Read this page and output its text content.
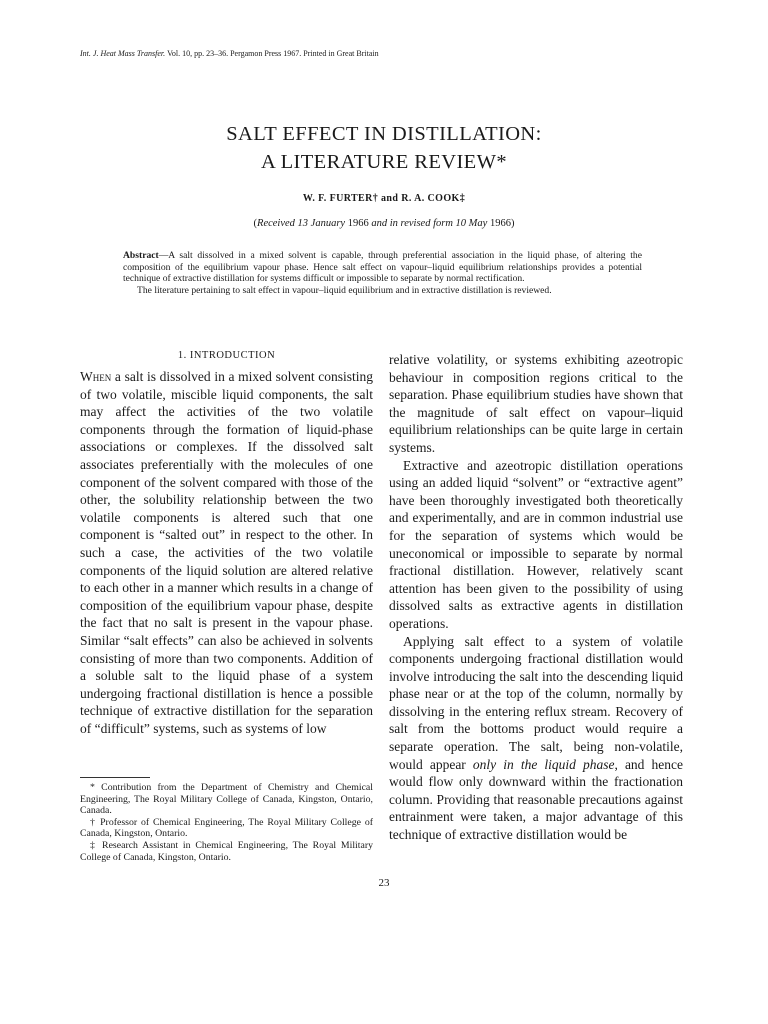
Int. J. Heat Mass Transfer. Vol. 10, pp. 23–36. Pergamon Press 1967. Printed in Great Britain
SALT EFFECT IN DISTILLATION:
A LITERATURE REVIEW*
W. F. FURTER† and R. A. COOK‡
(Received 13 January 1966 and in revised form 10 May 1966)

Abstract—A salt dissolved in a mixed solvent is capable, through preferential association in the liquid phase, of altering the composition of the equilibrium vapour phase. Hence salt effect on vapour–liquid equilibrium relationships provides a potential technique of extractive distillation for systems difficult or impossible to separate by normal rectification.

The literature pertaining to salt effect in vapour–liquid equilibrium and in extractive distillation is reviewed.

1. INTRODUCTION

When a salt is dissolved in a mixed solvent consisting of two volatile, miscible liquid components, the salt may affect the activities of the two volatile components through the formation of liquid-phase associations or complexes. If the dissolved salt associates preferentially with the molecules of one component of the solvent compared with those of the other, the solubility relationship between the two volatile components is altered such that one component is “salted out” in respect to the other. In such a case, the activities of the two volatile components of the liquid solution are altered relative to each other in a manner which results in a change of composition of the equilibrium vapour phase, despite the fact that no salt is present in the vapour phase. Similar “salt effects” can also be achieved in solvents consisting of more than two components. Addition of a soluble salt to the liquid phase of a system undergoing fractional distillation is hence a possible technique of extractive distillation for the separation of “difficult” systems, such as systems of low

* Contribution from the Department of Chemistry and Chemical Engineering, The Royal Military College of Canada, Kingston, Ontario, Canada.

† Professor of Chemical Engineering, The Royal Military College of Canada, Kingston, Ontario.

‡ Research Assistant in Chemical Engineering, The Royal Military College of Canada, Kingston, Ontario.

relative volatility, or systems exhibiting azeotropic behaviour in composition regions critical to the separation. Phase equilibrium studies have shown that the magnitude of salt effect on vapour–liquid equilibrium relationships can be quite large in certain systems.

Extractive and azeotropic distillation operations using an added liquid “solvent” or “extractive agent” have been thoroughly investigated both theoretically and experimentally, and are in common industrial use for the separation of systems which would be uneconomical or impossible to separate by normal fractional distillation. However, relatively scant attention has been given to the possibility of using dissolved salts as extractive agents in distillation operations.

Applying salt effect to a system of volatile components undergoing fractional distillation would involve introducing the salt into the descending liquid phase near or at the top of the column, normally by dissolving in the entering reflux stream. Recovery of salt from the bottoms product would require a separate operation. The salt, being non-volatile, would appear only in the liquid phase, and hence would flow only downward within the fractionation column. Providing that reasonable precautions against entrainment were taken, a major advantage of this technique of extractive distillation would be

23
